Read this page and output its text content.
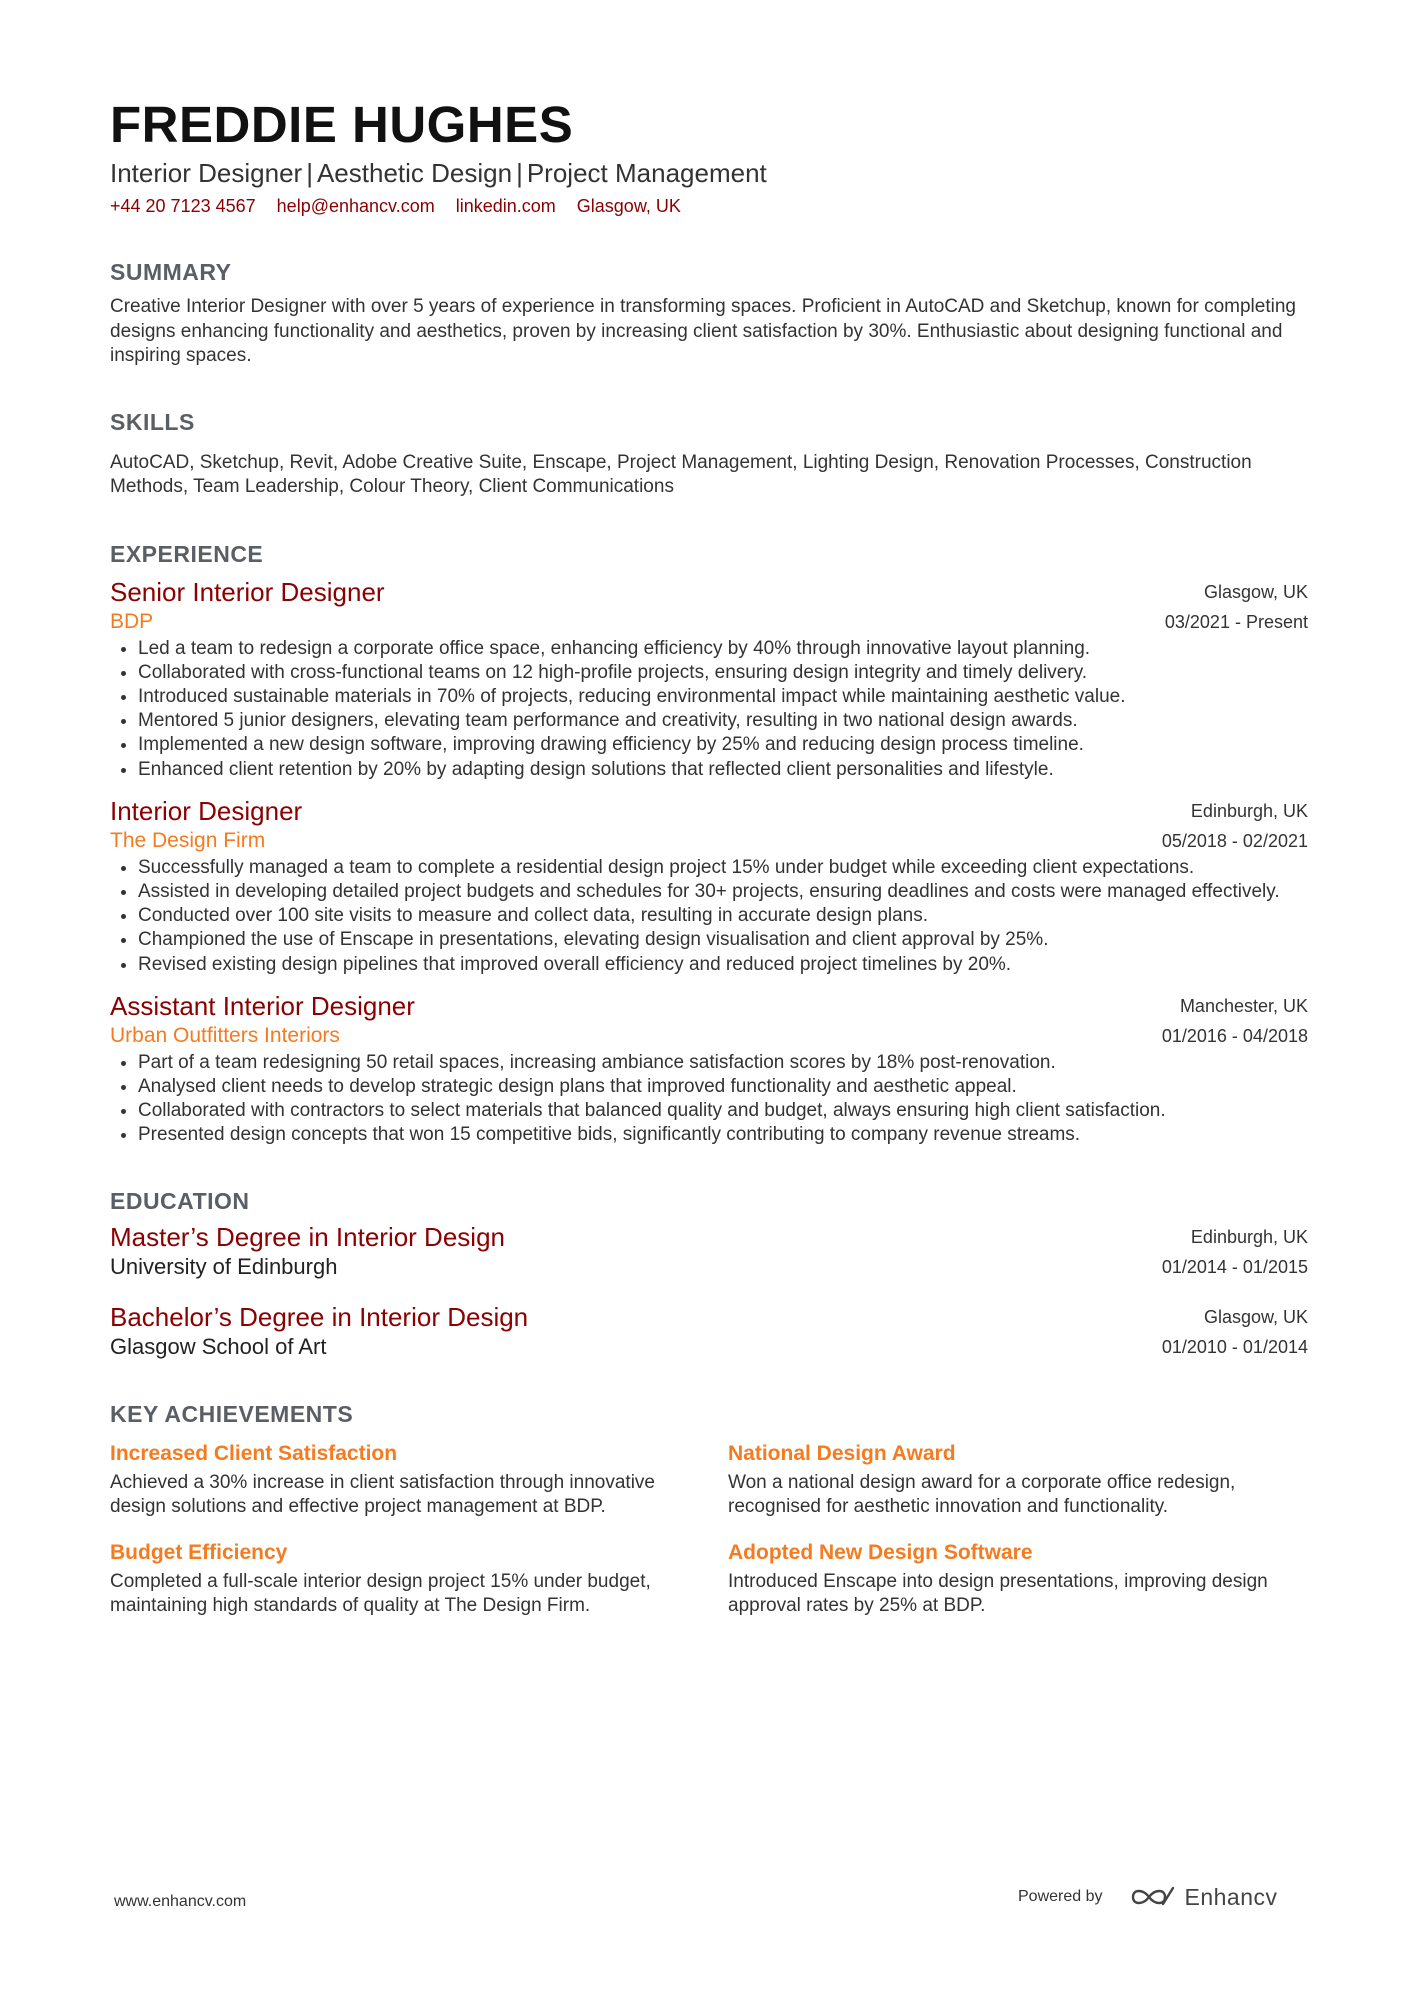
FREDDIE HUGHES
Interior Designer | Aesthetic Design | Project Management
+44 20 7123 4567 help@enhancv.com linkedin.com Glasgow, UK
SUMMARY
Creative Interior Designer with over 5 years of experience in transforming spaces. Proficient in AutoCAD and Sketchup, known for completing designs enhancing functionality and aesthetics, proven by increasing client satisfaction by 30%. Enthusiastic about designing functional and inspiring spaces.
SKILLS
AutoCAD, Sketchup, Revit, Adobe Creative Suite, Enscape, Project Management, Lighting Design, Renovation Processes, Construction Methods, Team Leadership, Colour Theory, Client Communications
EXPERIENCE
Senior Interior Designer
BDP
Glasgow, UK
03/2021 - Present
• Led a team to redesign a corporate office space, enhancing efficiency by 40% through innovative layout planning.
• Collaborated with cross-functional teams on 12 high-profile projects, ensuring design integrity and timely delivery.
• Introduced sustainable materials in 70% of projects, reducing environmental impact while maintaining aesthetic value.
• Mentored 5 junior designers, elevating team performance and creativity, resulting in two national design awards.
• Implemented a new design software, improving drawing efficiency by 25% and reducing design process timeline.
• Enhanced client retention by 20% by adapting design solutions that reflected client personalities and lifestyle.
Interior Designer
The Design Firm
Edinburgh, UK
05/2018 - 02/2021
• Successfully managed a team to complete a residential design project 15% under budget while exceeding client expectations.
• Assisted in developing detailed project budgets and schedules for 30+ projects, ensuring deadlines and costs were managed effectively.
• Conducted over 100 site visits to measure and collect data, resulting in accurate design plans.
• Championed the use of Enscape in presentations, elevating design visualisation and client approval by 25%.
• Revised existing design pipelines that improved overall efficiency and reduced project timelines by 20%.
Assistant Interior Designer
Urban Outfitters Interiors
Manchester, UK
01/2016 - 04/2018
• Part of a team redesigning 50 retail spaces, increasing ambiance satisfaction scores by 18% post-renovation.
• Analysed client needs to develop strategic design plans that improved functionality and aesthetic appeal.
• Collaborated with contractors to select materials that balanced quality and budget, always ensuring high client satisfaction.
• Presented design concepts that won 15 competitive bids, significantly contributing to company revenue streams.
EDUCATION
Master’s Degree in Interior Design
University of Edinburgh
Edinburgh, UK
01/2014 - 01/2015
Bachelor’s Degree in Interior Design
Glasgow School of Art
Glasgow, UK
01/2010 - 01/2014
KEY ACHIEVEMENTS
Increased Client Satisfaction
Achieved a 30% increase in client satisfaction through innovative design solutions and effective project management at BDP.
National Design Award
Won a national design award for a corporate office redesign, recognised for aesthetic innovation and functionality.
Budget Efficiency
Completed a full-scale interior design project 15% under budget, maintaining high standards of quality at The Design Firm.
Adopted New Design Software
Introduced Enscape into design presentations, improving design approval rates by 25% at BDP.
www.enhancv.com	Powered by	Enhancv
